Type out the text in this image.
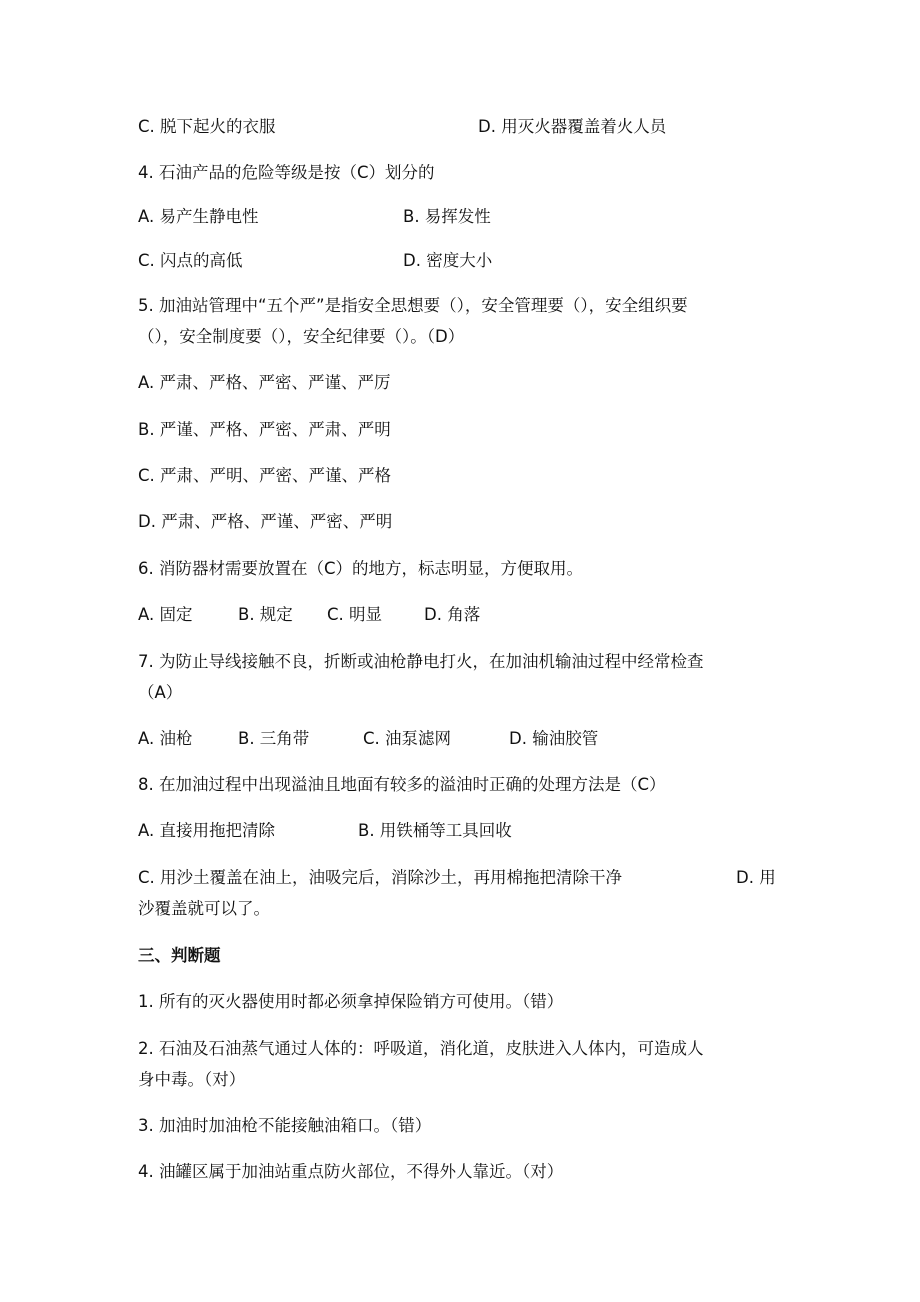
C. 脱下起火的衣服	D. 用灭火器覆盖着火人员
4. 石油产品的危险等级是按（C）划分的
A. 易产生静电性	B. 易挥发性
C. 闪点的高低	D. 密度大小
5. 加油站管理中“五个严”是指安全思想要（），安全管理要（），安全组织要
（），安全制度要（），安全纪律要（）。（D）
A. 严肃、严格、严密、严谨、严厉
B. 严谨、严格、严密、严肃、严明
C. 严肃、严明、严密、严谨、严格
D. 严肃、严格、严谨、严密、严明
6. 消防器材需要放置在（C）的地方，标志明显，方便取用。
A. 固定	B. 规定 C. 明显	D. 角落
7. 为防止导线接触不良，折断或油枪静电打火，在加油机输油过程中经常检查
（A）
A. 油枪	B. 三角带	C. 油泵滤网	D. 输油胶管
8. 在加油过程中出现溢油且地面有较多的溢油时正确的处理方法是（C）
A. 直接用拖把清除	B. 用铁桶等工具回收
C. 用沙土覆盖在油上，油吸完后，消除沙土，再用棉拖把清除干净	D. 用
沙覆盖就可以了。
三、判断题
1. 所有的灭火器使用时都必须拿掉保险销方可使用。（错）
2. 石油及石油蒸气通过人体的：呼吸道，消化道，皮肤进入人体内，可造成人
身中毒。（对）
3. 加油时加油枪不能接触油箱口。（错）
4. 油罐区属于加油站重点防火部位，不得外人靠近。（对）
